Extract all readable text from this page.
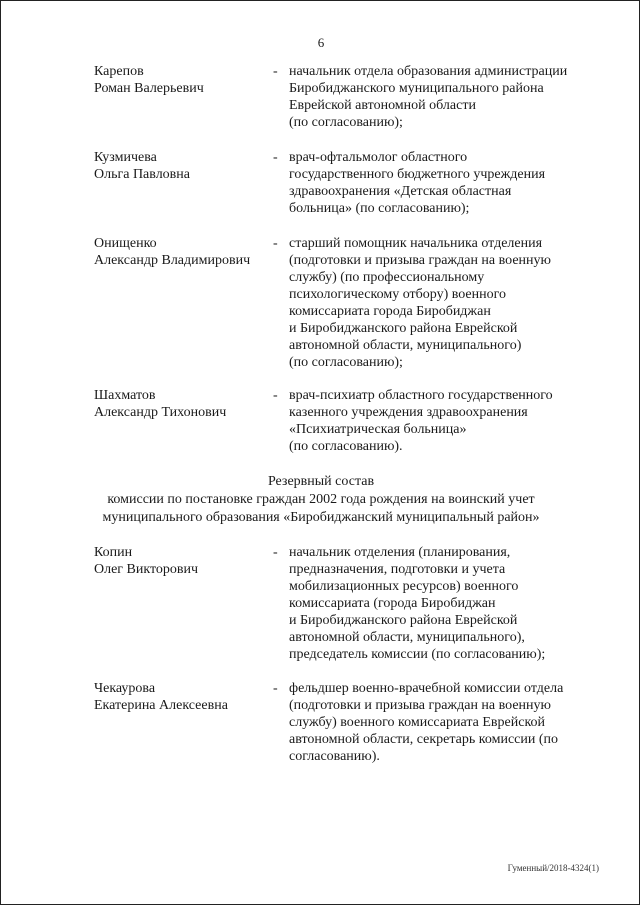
6
Карепов
Роман Валерьевич
- начальник отдела образования администрации
Биробиджанского муниципального района
Еврейской автономной области
(по согласованию);
Кузмичева
Ольга Павловна
- врач-офтальмолог областного
государственного бюджетного учреждения
здравоохранения «Детская областная
больница» (по согласованию);
Онищенко
Александр Владимирович
- старший помощник начальника отделения
(подготовки и призыва граждан на военную
службу) (по профессиональному
психологическому отбору) военного
комиссариата города Биробиджан
и Биробиджанского района Еврейской
автономной области, муниципального)
(по согласованию);
Шахматов
Александр Тихонович
- врач-психиатр областного государственного
казенного учреждения здравоохранения
«Психиатрическая больница»
(по согласованию).
Резервный состав
комиссии по постановке граждан 2002 года рождения на воинский учет
муниципального образования «Биробиджанский муниципальный район»
Копин
Олег Викторович
- начальник отделения (планирования,
предназначения, подготовки и учета
мобилизационных ресурсов) военного
комиссариата (города Биробиджан
и Биробиджанского района Еврейской
автономной области, муниципального),
председатель комиссии (по согласованию);
Чекаурова
Екатерина Алексеевна
- фельдшер военно-врачебной комиссии отдела
(подготовки и призыва граждан на военную
службу) военного комиссариата Еврейской
автономной области, секретарь комиссии (по
согласованию).
Гуменный/2018-4324(1)
